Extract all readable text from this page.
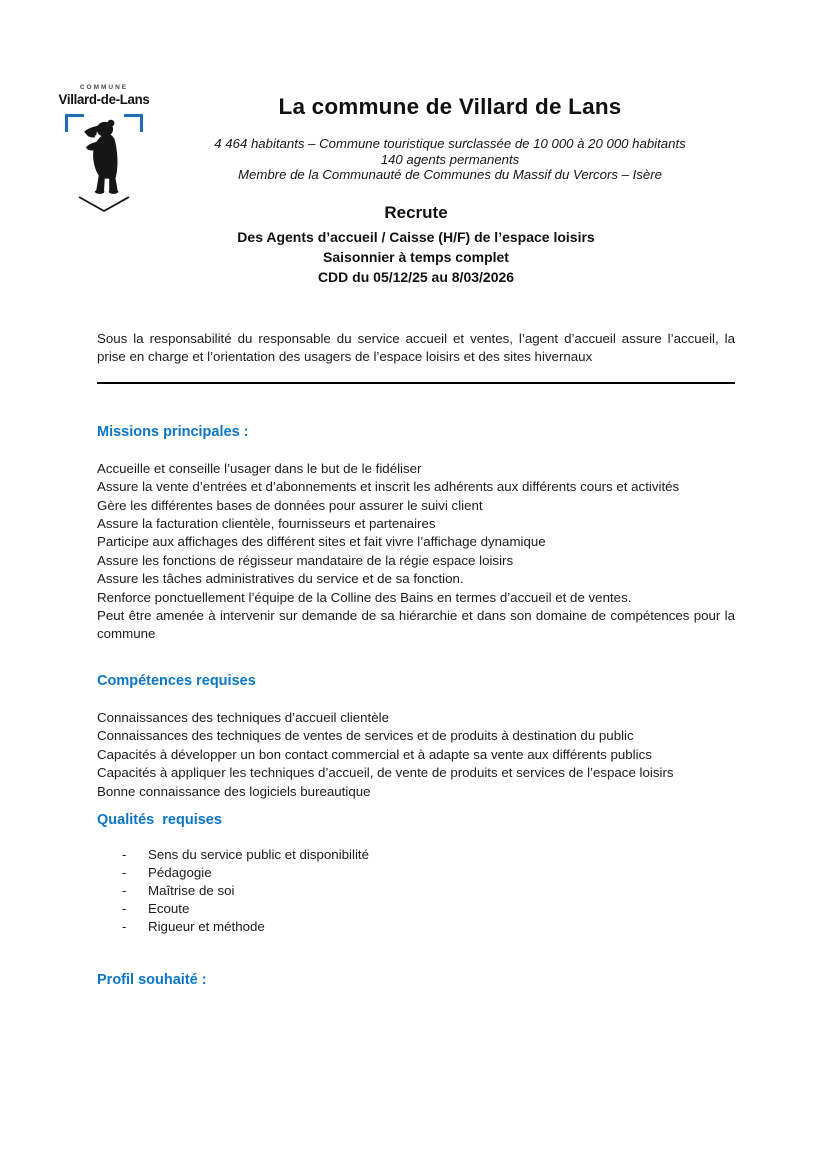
COMMUNE
Villard-de-Lans	La commune de Villard de Lans
4 464 habitants – Commune touristique surclassée de 10 000 à 20 000 habitants
140 agents permanents
Membre de la Communauté de Communes du Massif du Vercors – Isère
Recrute
Des Agents d’accueil / Caisse (H/F) de l’espace loisirs
Saisonnier à temps complet
CDD du 05/12/25 au 8/03/2026

Sous la responsabilité du responsable du service accueil et ventes, l’agent d’accueil assure l’accueil, la prise en charge et l’orientation des usagers de l’espace loisirs et des sites hivernaux

Missions principales :

Accueille et conseille l’usager dans le but de le fidéliser

Assure la vente d’entrées et d’abonnements et inscrit les adhérents aux différents cours et activités

Gère les différentes bases de données pour assurer le suivi client

Assure la facturation clientèle, fournisseurs et partenaires

Participe aux affichages des différent sites et fait vivre l’affichage dynamique

Assure les fonctions de régisseur mandataire de la régie espace loisirs

Assure les tâches administratives du service et de sa fonction.

Renforce ponctuellement l’équipe de la Colline des Bains en termes d’accueil et de ventes.

Peut être amenée à intervenir sur demande de sa hiérarchie et dans son domaine de compétences pour la commune

Compétences requises

Connaissances des techniques d’accueil clientèle

Connaissances des techniques de ventes de services et de produits à destination du public

Capacités à développer un bon contact commercial et à adapte sa vente aux différents publics

Capacités à appliquer les techniques d’accueil, de vente de produits et services de l’espace loisirs

Bonne connaissance des logiciels bureautique

Qualités  requises
-	Sens du service public et disponibilité
-	Pédagogie
-	Maîtrise de soi
-	Ecoute
-	Rigueur et méthode
Profil souhaité :
